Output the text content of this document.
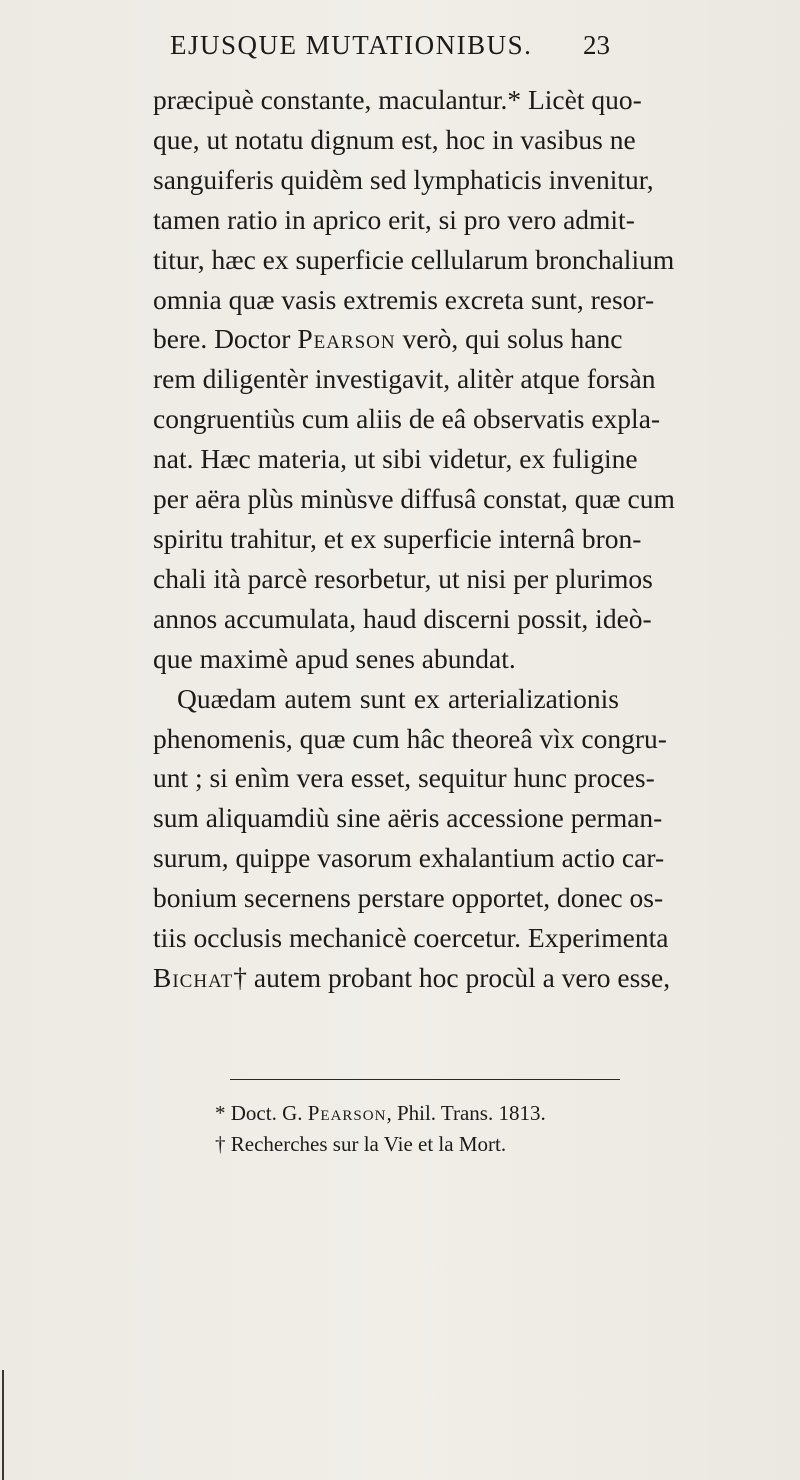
EJUSQUE MUTATIONIBUS. 23
præcipuè constante, maculantur.* Licèt quo-
que, ut notatu dignum est, hoc in vasibus ne
sanguiferis quidèm sed lymphaticis invenitur,
tamen ratio in aprico erit, si pro vero admit-
titur, hæc ex superficie cellularum bronchalium
omnia quæ vasis extremis excreta sunt, resor-
bere. Doctor Pearson verò, qui solus hanc
rem diligentèr investigavit, alitèr atque forsàn
congruentiùs cum aliis de eâ observatis expla-
nat. Hæc materia, ut sibi videtur, ex fuligine
per aëra plùs minùsve diffusâ constat, quæ cum
spiritu trahitur, et ex superficie internâ bron-
chali ità parcè resorbetur, ut nisi per plurimos
annos accumulata, haud discerni possit, ideò-
que maximè apud senes abundat.
Quædam autem sunt ex arterializationis
phenomenis, quæ cum hâc theoreâ vìx congru-
unt ; si enìm vera esset, sequitur hunc proces-
sum aliquamdiù sine aëris accessione perman-
surum, quippe vasorum exhalantium actio car-
bonium secernens perstare opportet, donec os-
tiis occlusis mechanicè coercetur. Experimenta
Bichat† autem probant hoc procùl a vero esse,
* Doct. G. Pearson, Phil. Trans. 1813.
† Recherches sur la Vie et la Mort.
